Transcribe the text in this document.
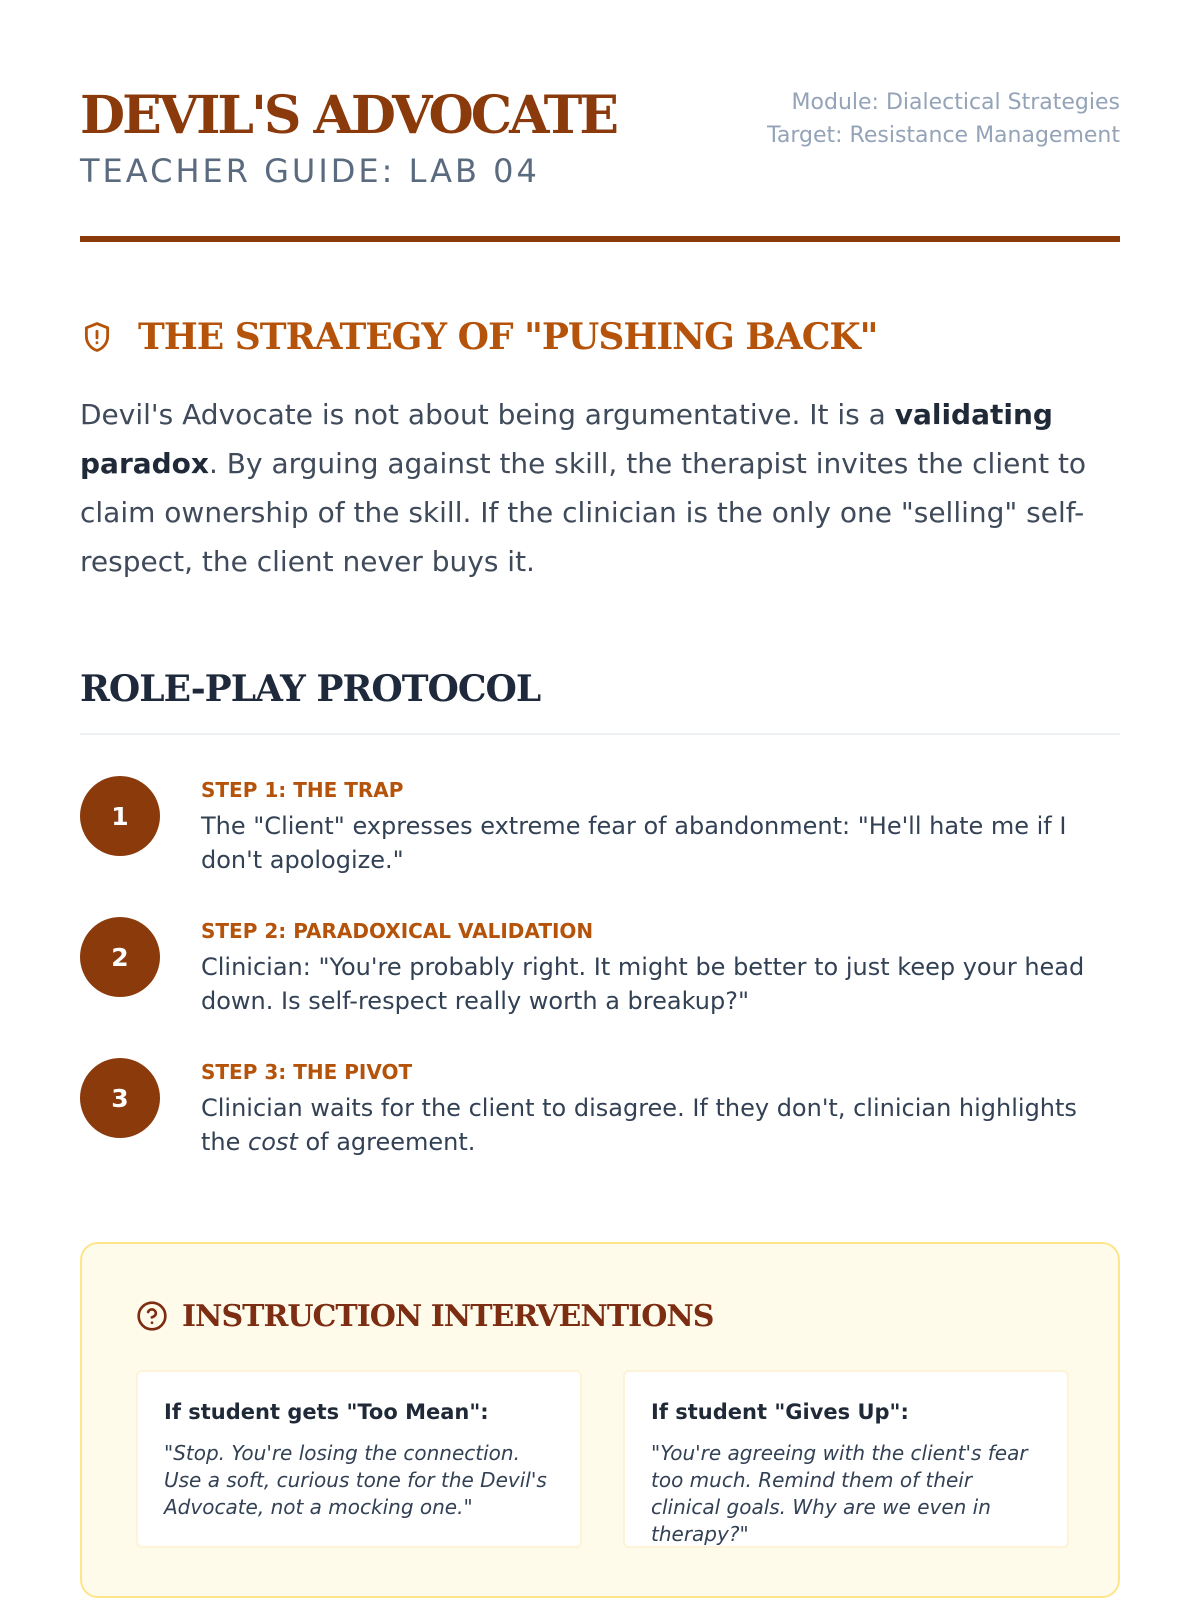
DEVIL'S ADVOCATE
TEACHER GUIDE: LAB 04
Module: Dialectical Strategies
Target: Resistance Management
THE STRATEGY OF "PUSHING BACK"

Devil's Advocate is not about being argumentative. It is a validating paradox. By arguing against the skill, the therapist invites the client to claim ownership of the skill. If the clinician is the only one "selling" self-respect, the client never buys it.

ROLE-PLAY PROTOCOL
1
STEP 1: THE TRAP
The "Client" expresses extreme fear of abandonment: "He'll hate me if I don't apologize."
2
STEP 2: PARADOXICAL VALIDATION
Clinician: "You're probably right. It might be better to just keep your head down. Is self-respect really worth a breakup?"
3
STEP 3: THE PIVOT
Clinician waits for the client to disagree. If they don't, clinician highlights the cost of agreement.
INSTRUCTION INTERVENTIONS
If student gets "Too Mean":
"Stop. You're losing the connection. Use a soft, curious tone for the Devil's Advocate, not a mocking one."
If student "Gives Up":
"You're agreeing with the client's fear too much. Remind them of their clinical goals. Why are we even in therapy?"
